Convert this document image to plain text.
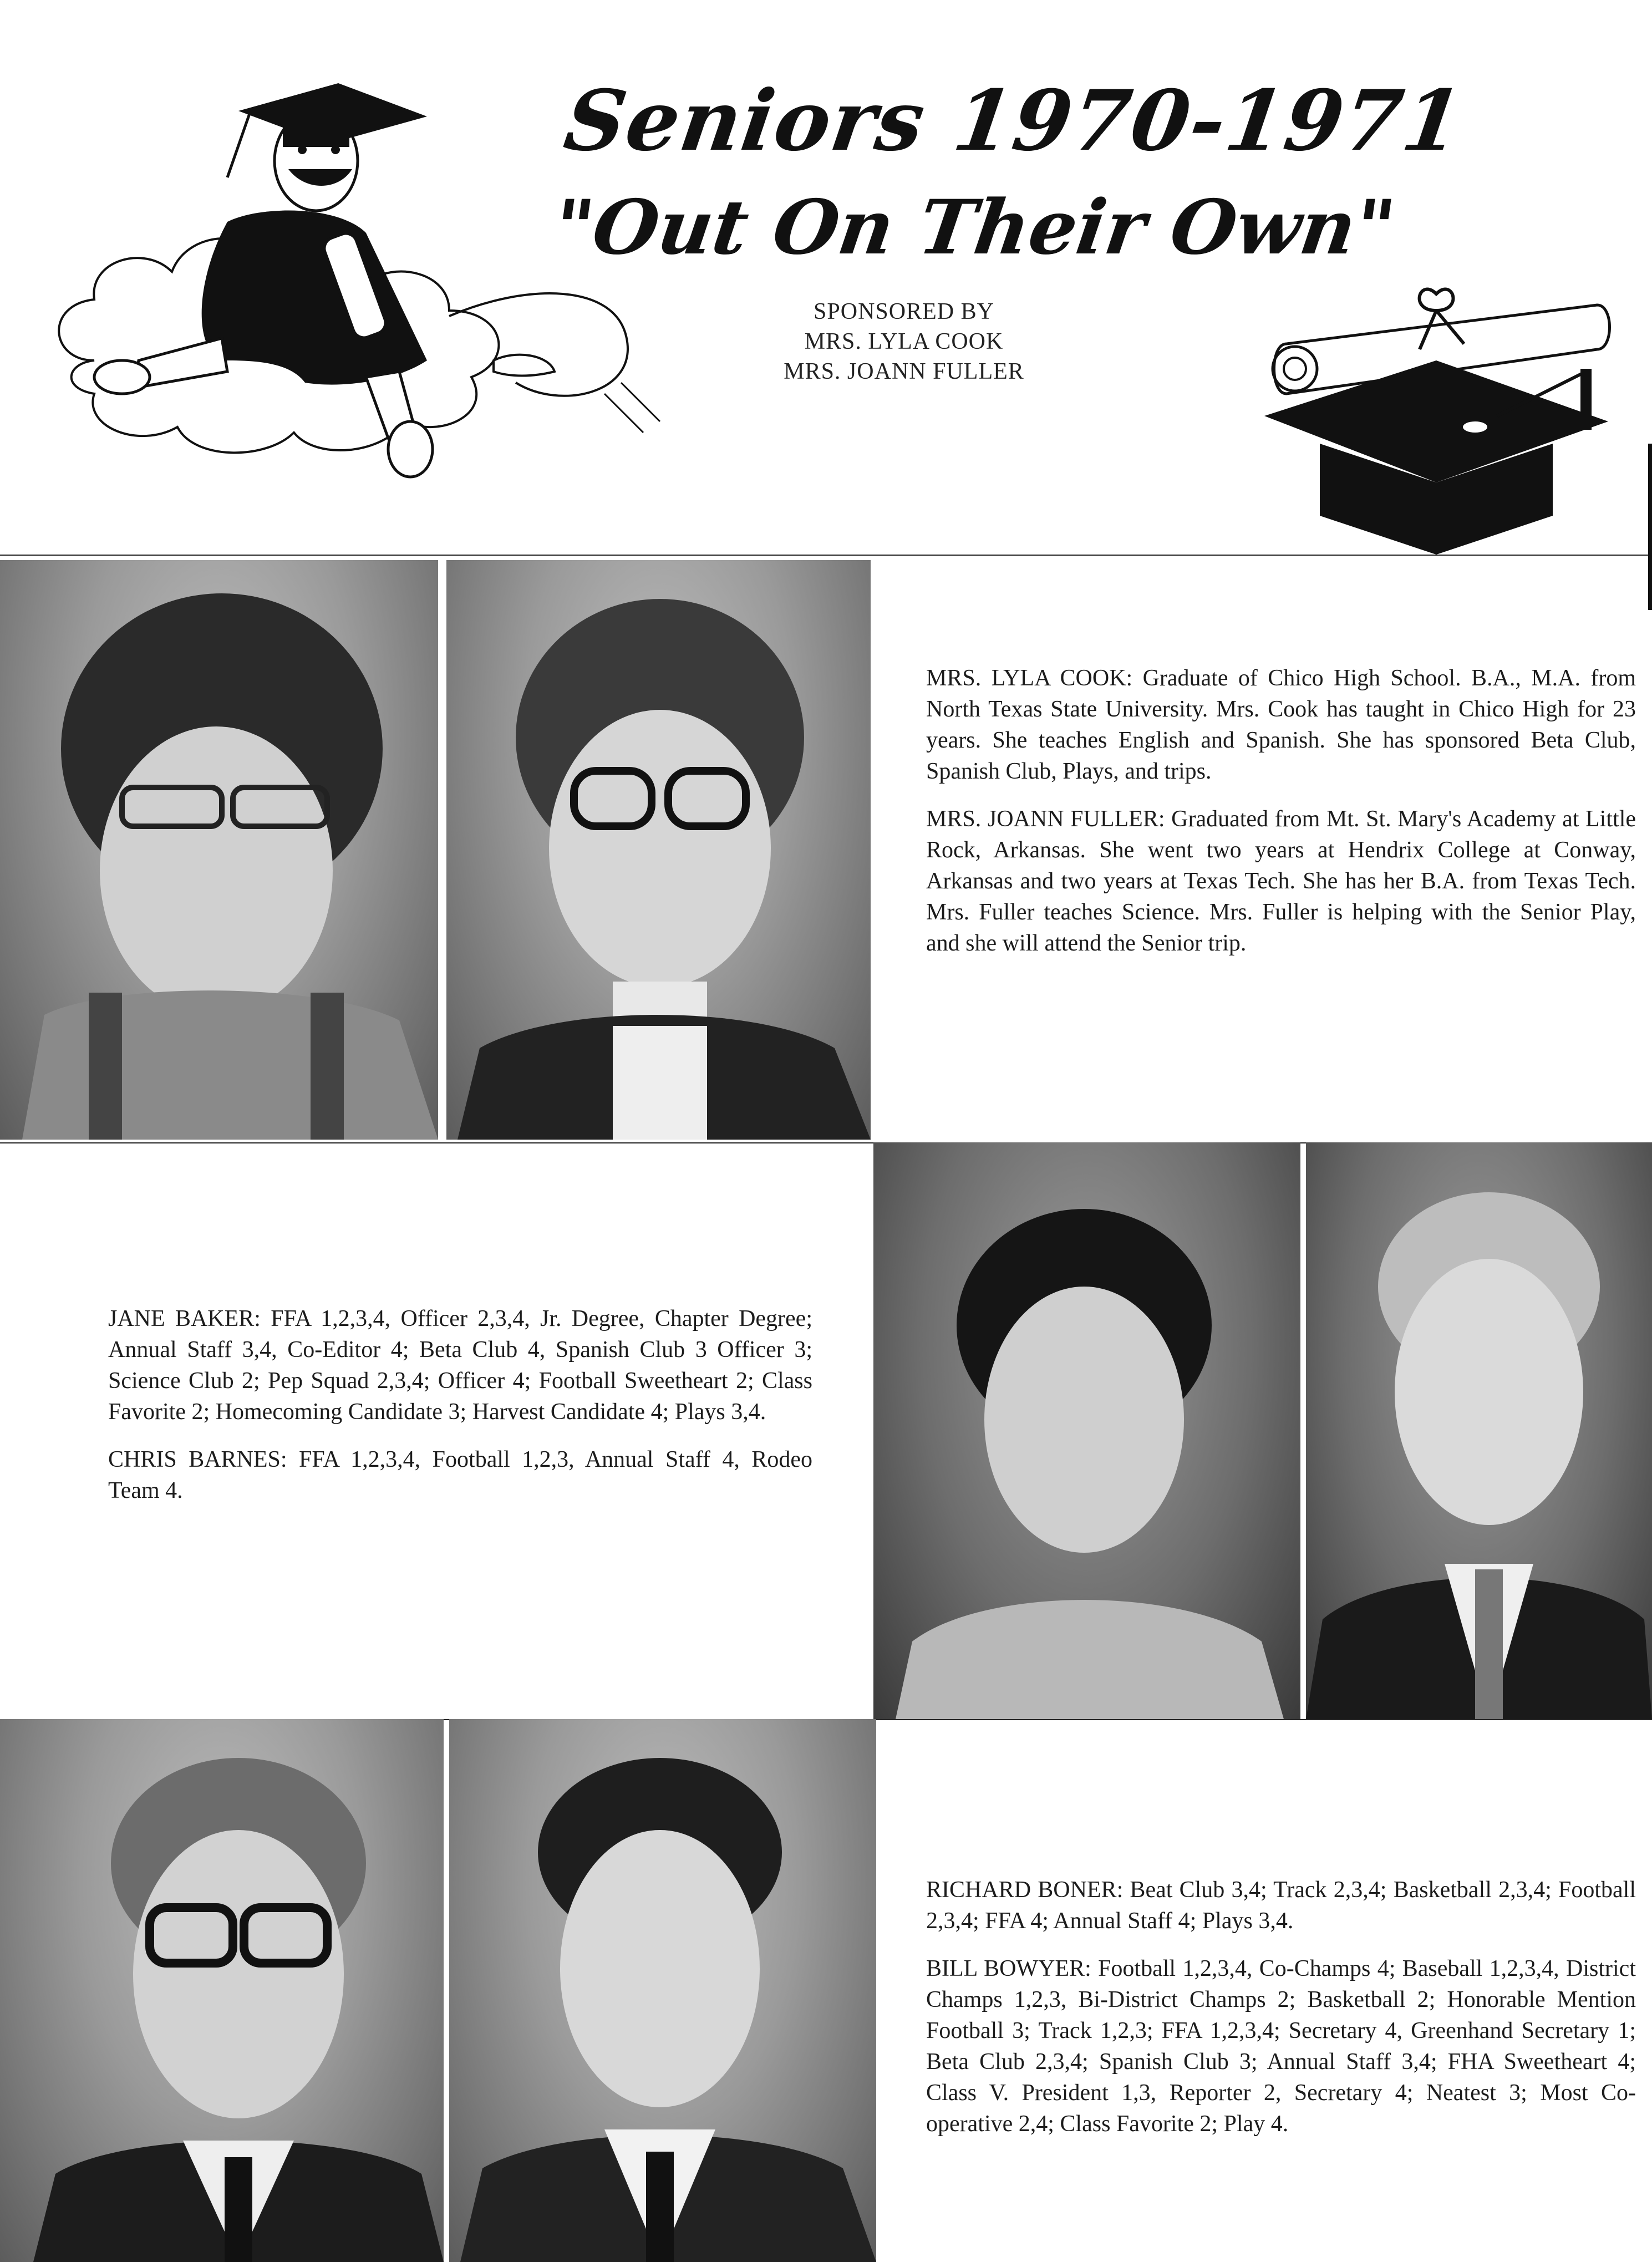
Seniors 1970-1971
"Out On Their Own"
SPONSORED BY
MRS. LYLA COOK
MRS. JOANN FULLER

MRS. LYLA COOK: Graduate of Chico High School. B.A., M.A. from North Texas State University. Mrs. Cook has taught in Chico High for 23 years. She teaches English and Spanish. She has sponsored Beta Club, Spanish Club, Plays, and trips.

MRS. JOANN FULLER: Graduated from Mt. St. Mary's Academy at Little Rock, Arkansas. She went two years at Hendrix College at Conway, Arkansas and two years at Texas Tech. She has her B.A. from Texas Tech. Mrs. Fuller teaches Science. Mrs. Fuller is helping with the Senior Play, and she will attend the Senior trip.

JANE BAKER: FFA 1,2,3,4, Officer 2,3,4, Jr. Degree, Chapter Degree; Annual Staff 3,4, Co-Editor 4; Beta Club 4, Spanish Club 3 Officer 3; Science Club 2; Pep Squad 2,3,4; Officer 4; Football Sweetheart 2; Class Favorite 2; Homecoming Candidate 3; Harvest Candidate 4; Plays 3,4.

CHRIS BARNES: FFA 1,2,3,4, Football 1,2,3, Annual Staff 4, Rodeo Team 4.

RICHARD BONER: Beat Club 3,4; Track 2,3,4; Basketball 2,3,4; Football 2,3,4; FFA 4; Annual Staff 4; Plays 3,4.

BILL BOWYER: Football 1,2,3,4, Co-Champs 4; Baseball 1,2,3,4, District Champs 1,2,3, Bi-District Champs 2; Basketball 2; Honorable Mention Football 3; Track 1,2,3; FFA 1,2,3,4; Secretary 4, Greenhand Secretary 1; Beta Club 2,3,4; Spanish Club 3; Annual Staff 3,4; FHA Sweetheart 4; Class V. President 1,3, Reporter 2, Secretary 4; Neatest 3; Most Co-operative 2,4; Class Favorite 2; Play 4.
